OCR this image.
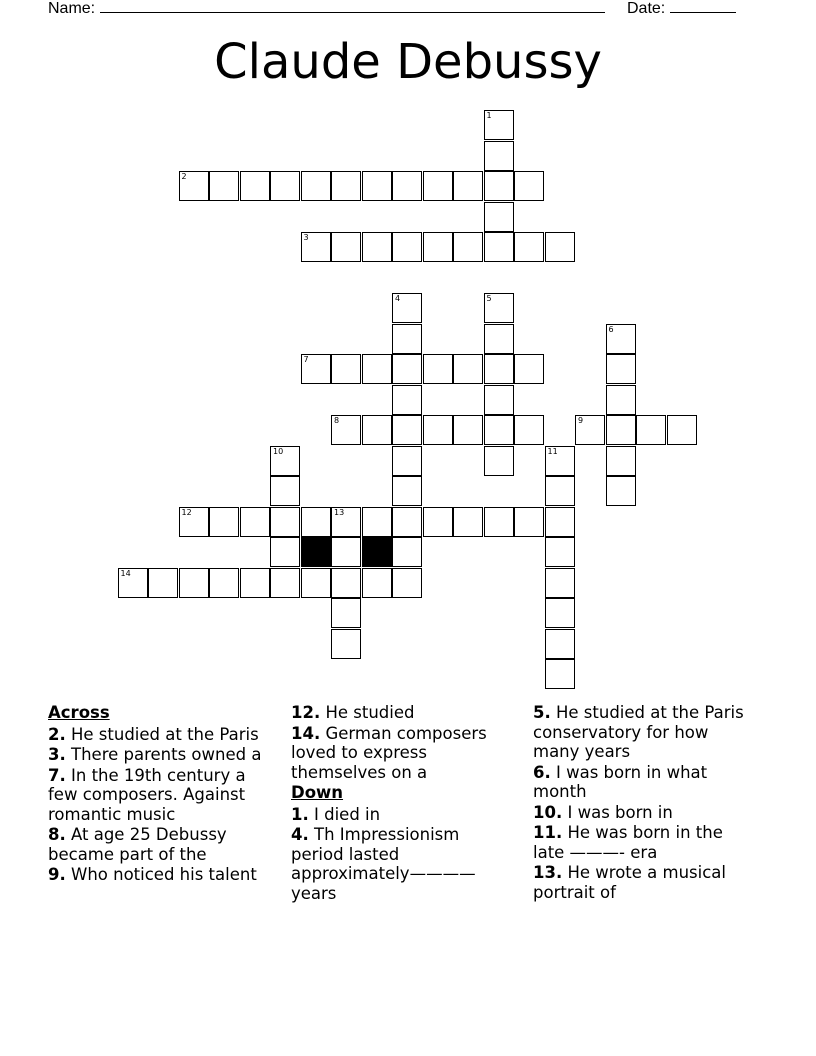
Name:	Date:
Claude Debussy
1
2
3
4	5
6
7
8	9
10	11
12	13
14
Across
2. He studied at the Paris
3. There parents owned a
7. In the 19th century a few composers. Against romantic music
8. At age 25 Debussy became part of the
9. Who noticed his talent
12. He studied
14. German composers loved to express themselves on a
Down
1. I died in
4. Th Impressionism period lasted approximately———— years
5. He studied at the Paris conservatory for how many years
6. I was born in what month
10. I was born in
11. He was born in the late ———- era
13. He wrote a musical portrait of
